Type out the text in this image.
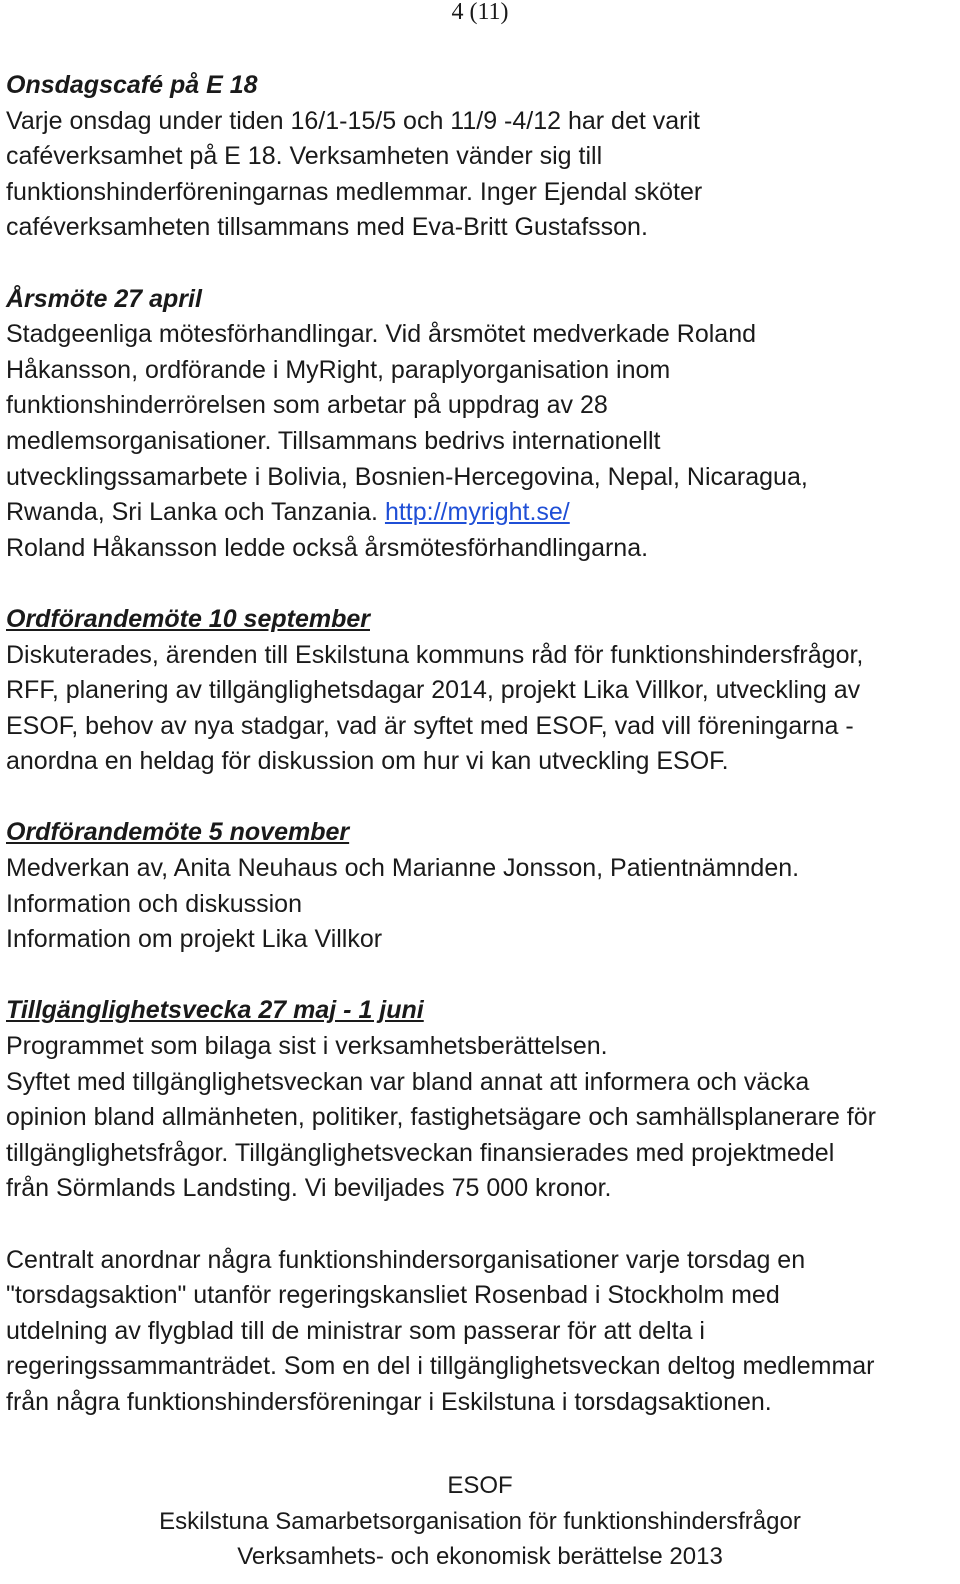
4 (11)

Onsdagscafé på E 18

Varje onsdag under tiden 16/1-15/5 och 11/9 -4/12 har det varit

caféverksamhet på E 18. Verksamheten vänder sig till

funktionshinderföreningarnas medlemmar. Inger Ejendal sköter

caféverksamheten tillsammans med Eva-Britt Gustafsson.

Årsmöte 27 april

Stadgeenliga mötesförhandlingar. Vid årsmötet medverkade Roland

Håkansson, ordförande i MyRight, paraplyorganisation inom

funktionshinderrörelsen som arbetar på uppdrag av 28

medlemsorganisationer. Tillsammans bedrivs internationellt

utvecklingssamarbete i Bolivia, Bosnien-Hercegovina, Nepal, Nicaragua,

Rwanda, Sri Lanka och Tanzania. http://myright.se/

Roland Håkansson ledde också årsmötesförhandlingarna.

Ordförandemöte 10 september

Diskuterades, ärenden till Eskilstuna kommuns råd för funktionshindersfrågor,

RFF, planering av tillgänglighetsdagar 2014, projekt Lika Villkor, utveckling av

ESOF, behov av nya stadgar, vad är syftet med ESOF, vad vill föreningarna -

anordna en heldag för diskussion om hur vi kan utveckling ESOF.

Ordförandemöte 5 november

Medverkan av, Anita Neuhaus och Marianne Jonsson, Patientnämnden.

Information och diskussion

Information om projekt Lika Villkor

Tillgänglighetsvecka 27 maj - 1 juni

Programmet som bilaga sist i verksamhetsberättelsen.

Syftet med tillgänglighetsveckan var bland annat att informera och väcka

opinion bland allmänheten, politiker, fastighetsägare och samhällsplanerare för

tillgänglighetsfrågor. Tillgänglighetsveckan finansierades med projektmedel

från Sörmlands Landsting. Vi beviljades 75 000 kronor.

Centralt anordnar några funktionshindersorganisationer varje torsdag en

"torsdagsaktion" utanför regeringskansliet Rosenbad i Stockholm med

utdelning av flygblad till de ministrar som passerar för att delta i

regeringssammanträdet. Som en del i tillgänglighetsveckan deltog medlemmar

från några funktionshindersföreningar i Eskilstuna i torsdagsaktionen.

ESOF
Eskilstuna Samarbetsorganisation för funktionshindersfrågor
Verksamhets- och ekonomisk berättelse 2013
